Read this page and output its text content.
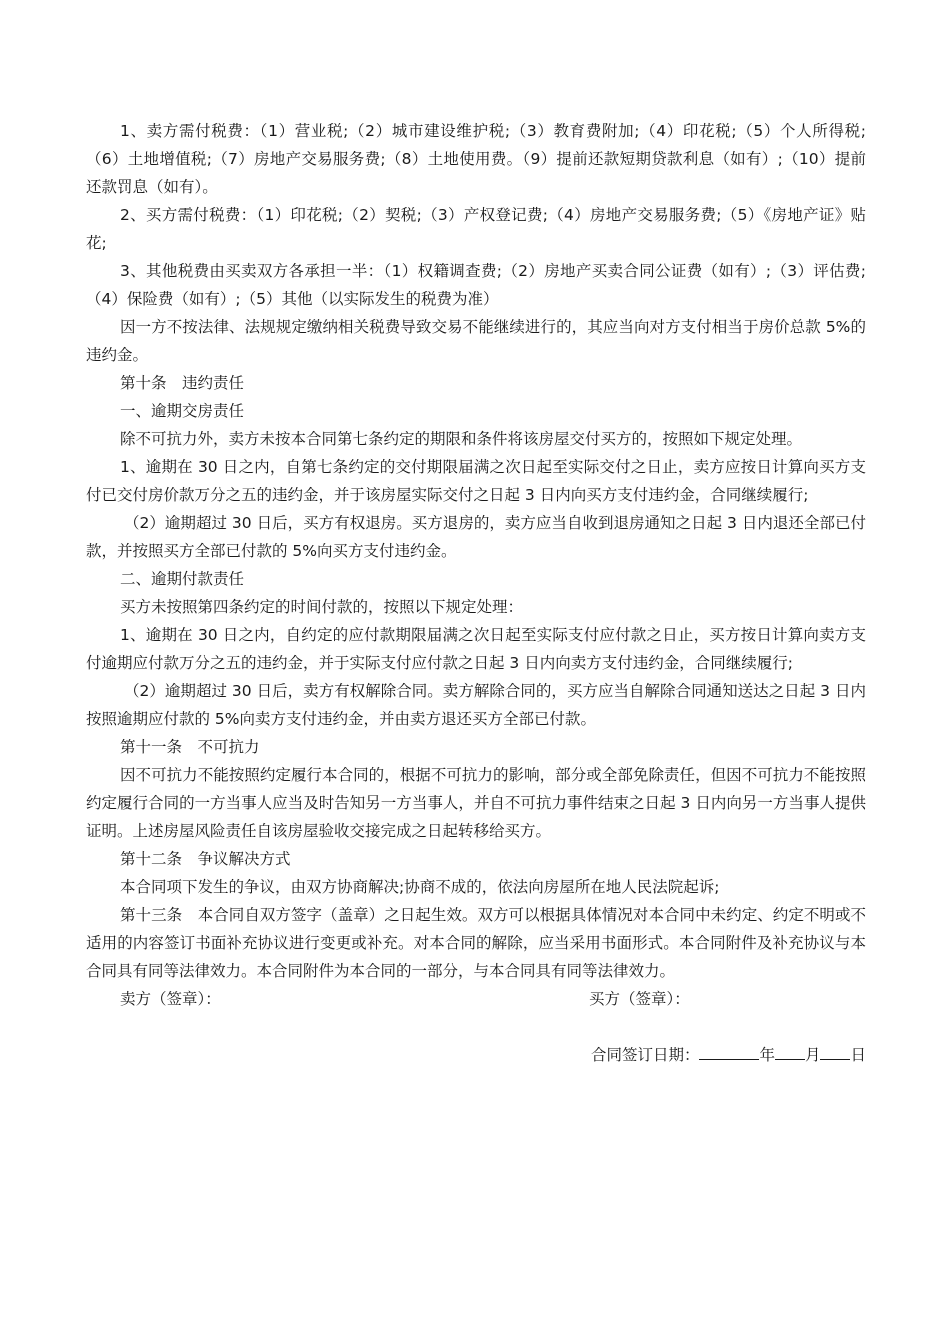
1、卖方需付税费：（1）营业税;（2）城市建设维护税;（3）教育费附加;（4）印花税;（5）个人所得税;（6）土地增值税;（7）房地产交易服务费;（8）土地使用费。（9）提前还款短期贷款利息（如有）;（10）提前还款罚息（如有）。

2、买方需付税费：（1）印花税;（2）契税;（3）产权登记费;（4）房地产交易服务费;（5）《房地产证》贴花;

3、其他税费由买卖双方各承担一半：（1）权籍调查费;（2）房地产买卖合同公证费（如有）;（3）评估费;（4）保险费（如有）;（5）其他（以实际发生的税费为准）

因一方不按法律、法规规定缴纳相关税费导致交易不能继续进行的，其应当向对方支付相当于房价总款 5%的违约金。

第十条　违约责任

一、逾期交房责任

除不可抗力外，卖方未按本合同第七条约定的期限和条件将该房屋交付买方的，按照如下规定处理。

1、逾期在 30 日之内，自第七条约定的交付期限届满之次日起至实际交付之日止，卖方应按日计算向买方支付已交付房价款万分之五的违约金，并于该房屋实际交付之日起 3 日内向买方支付违约金，合同继续履行;

（2）逾期超过 30 日后，买方有权退房。买方退房的，卖方应当自收到退房通知之日起 3 日内退还全部已付款，并按照买方全部已付款的 5%向买方支付违约金。

二、逾期付款责任

买方未按照第四条约定的时间付款的，按照以下规定处理：

1、逾期在 30 日之内，自约定的应付款期限届满之次日起至实际支付应付款之日止，买方按日计算向卖方支付逾期应付款万分之五的违约金，并于实际支付应付款之日起 3 日内向卖方支付违约金，合同继续履行;

（2）逾期超过 30 日后，卖方有权解除合同。卖方解除合同的，买方应当自解除合同通知送达之日起 3 日内按照逾期应付款的 5%向卖方支付违约金，并由卖方退还买方全部已付款。

第十一条　不可抗力

因不可抗力不能按照约定履行本合同的，根据不可抗力的影响，部分或全部免除责任，但因不可抗力不能按照约定履行合同的一方当事人应当及时告知另一方当事人，并自不可抗力事件结束之日起 3 日内向另一方当事人提供证明。上述房屋风险责任自该房屋验收交接完成之日起转移给买方。

第十二条　争议解决方式

本合同项下发生的争议，由双方协商解决;协商不成的，依法向房屋所在地人民法院起诉;

第十三条　本合同自双方签字（盖章）之日起生效。双方可以根据具体情况对本合同中未约定、约定不明或不适用的内容签订书面补充协议进行变更或补充。对本合同的解除，应当采用书面形式。本合同附件及补充协议与本合同具有同等法律效力。本合同附件为本合同的一部分，与本合同具有同等法律效力。

卖方（签章）：	买方（签章）：
合同签订日期：	年 月 日
